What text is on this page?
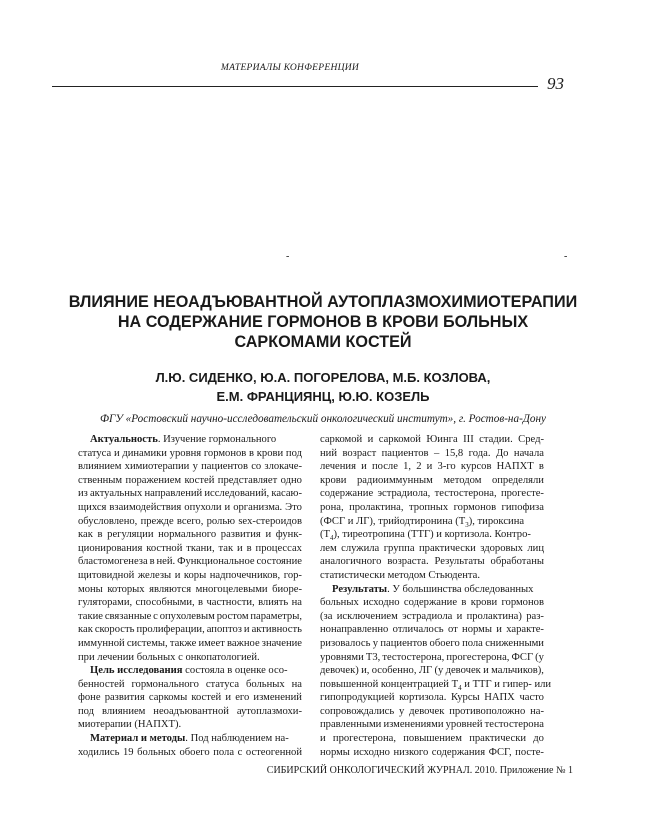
МАТЕРИАЛЫ КОНФЕРЕНЦИИ
93
-	-
ВЛИЯНИЕ НЕОАДЪЮВАНТНОЙ АУТОПЛАЗМОХИМИОТЕРАПИИ
НА СОДЕРЖАНИЕ ГОРМОНОВ В КРОВИ БОЛЬНЫХ
САРКОМАМИ КОСТЕЙ
Л.Ю. СИДЕНКО, Ю.А. ПОГОРЕЛОВА, М.Б. КОЗЛОВА,
Е.М. ФРАНЦИЯНЦ, Ю.Ю. КОЗЕЛЬ
ФГУ «Ростовский научно-исследовательский онкологический институт», г. Ростов-на-Дону
Актуальность. Изучение гормонального
статуса и динамики уровня гормонов в крови под
влиянием химиотерапии у пациентов со злокаче-
ственным поражением костей представляет одно
из актуальных направлений исследований, касаю-
щихся взаимодействия опухоли и организма. Это
обусловлено, прежде всего, ролью sex-стероидов
как в регуляции нормального развития и функ-
ционирования костной ткани, так и в процессах
бластомогенеза в ней. Функциональное состояние
щитовидной железы и коры надпочечников, гор-
моны которых являются многоцелевыми биоре-
гуляторами, способными, в частности, влиять на
такие связанные с опухолевым ростом параметры,
как скорость пролиферации, апоптоз и активность
иммунной системы, также имеет важное значение
при лечении больных с онкопатологией.
Цель исследования состояла в оценке осо-
бенностей гормонального статуса больных на
фоне развития саркомы костей и его изменений
под влиянием неоадъювантной аутоплазмохи-
миотерапии (НАПХТ).
Материал и методы. Под наблюдением на-
ходились 19 больных обоего пола с остеогенной
саркомой и саркомой Юинга III стадии. Сред-
ний возраст пациентов – 15,8 года. До начала
лечения и после 1, 2 и 3-го курсов НАПХТ в
крови радиоиммунным методом определяли
содержание эстрадиола, тестостерона, прогесте-
рона, пролактина, тропных гормонов гипофиза
(ФСГ и ЛГ), трийодтиронина $(Т_3)$, тироксина
$(Т_4)$, тиреотропина (ТТГ) и кортизола. Контро-
лем служила группа практически здоровых лиц
аналогичного возраста. Результаты обработаны
статистически методом Стьюдента.
Результаты. У большинства обследованных
больных исходно содержание в крови гормонов
(за исключением эстрадиола и пролактина) раз-
нонаправленно отличалось от нормы и характе-
ризовалось у пациентов обоего пола сниженными
уровнями Т3, тестостерона, прогестерона, ФСГ (у
девочек) и, особенно, ЛГ (у девочек и мальчиков),
повышенной концентрацией $Т_4$ и ТТГ и гипер- или
гипопродукцией кортизола. Курсы НАПХ часто
сопровождались у девочек противоположно на-
правленными изменениями уровней тестостерона
и прогестерона, повышением практически до
нормы исходно низкого содержания ФСГ, посте-
СИБИРСКИЙ ОНКОЛОГИЧЕСКИЙ ЖУРНАЛ. 2010. Приложение № 1
